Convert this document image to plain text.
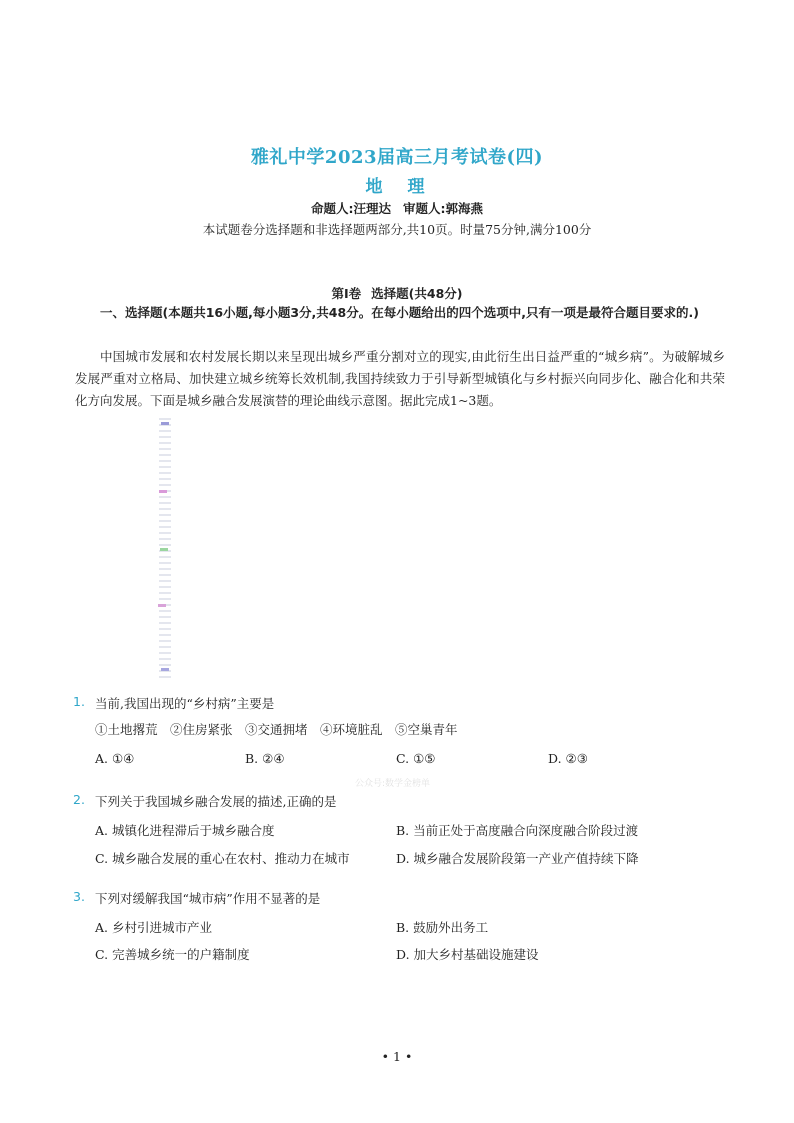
雅礼中学2023届高三月考试卷(四)
地　理
命题人:汪理达 审题人:郭海燕
本试题卷分选择题和非选择题两部分,共10页。时量75分钟,满分100分
第Ⅰ卷 选择题(共48分)
一、选择题(本题共16小题,每小题3分,共48分。在每小题给出的四个选项中,只有一项是最符合题目要求的.)
中国城市发展和农村发展长期以来呈现出城乡严重分割对立的现实,由此衍生出日益严重的“城乡病”。为破解城乡发展严重对立格局、加快建立城乡统筹长效机制,我国持续致力于引导新型城镇化与乡村振兴向同步化、融合化和共荣化方向发展。下面是城乡融合发展演替的理论曲线示意图。据此完成1~3题。
1. 当前,我国出现的“乡村病”主要是
①土地撂荒　②住房紧张　③交通拥堵　④环境脏乱　⑤空巢青年
A. ①④	B. ②④	C. ①⑤	D. ②③
公众号:数学金榜单
2. 下列关于我国城乡融合发展的描述,正确的是
A. 城镇化进程滞后于城乡融合度	B. 当前正处于高度融合向深度融合阶段过渡
C. 城乡融合发展的重心在农村、推动力在城市	D. 城乡融合发展阶段第一产业产值持续下降
3. 下列对缓解我国“城市病”作用不显著的是
A. 乡村引进城市产业	B. 鼓励外出务工
C. 完善城乡统一的户籍制度	D. 加大乡村基础设施建设
• 1 •
